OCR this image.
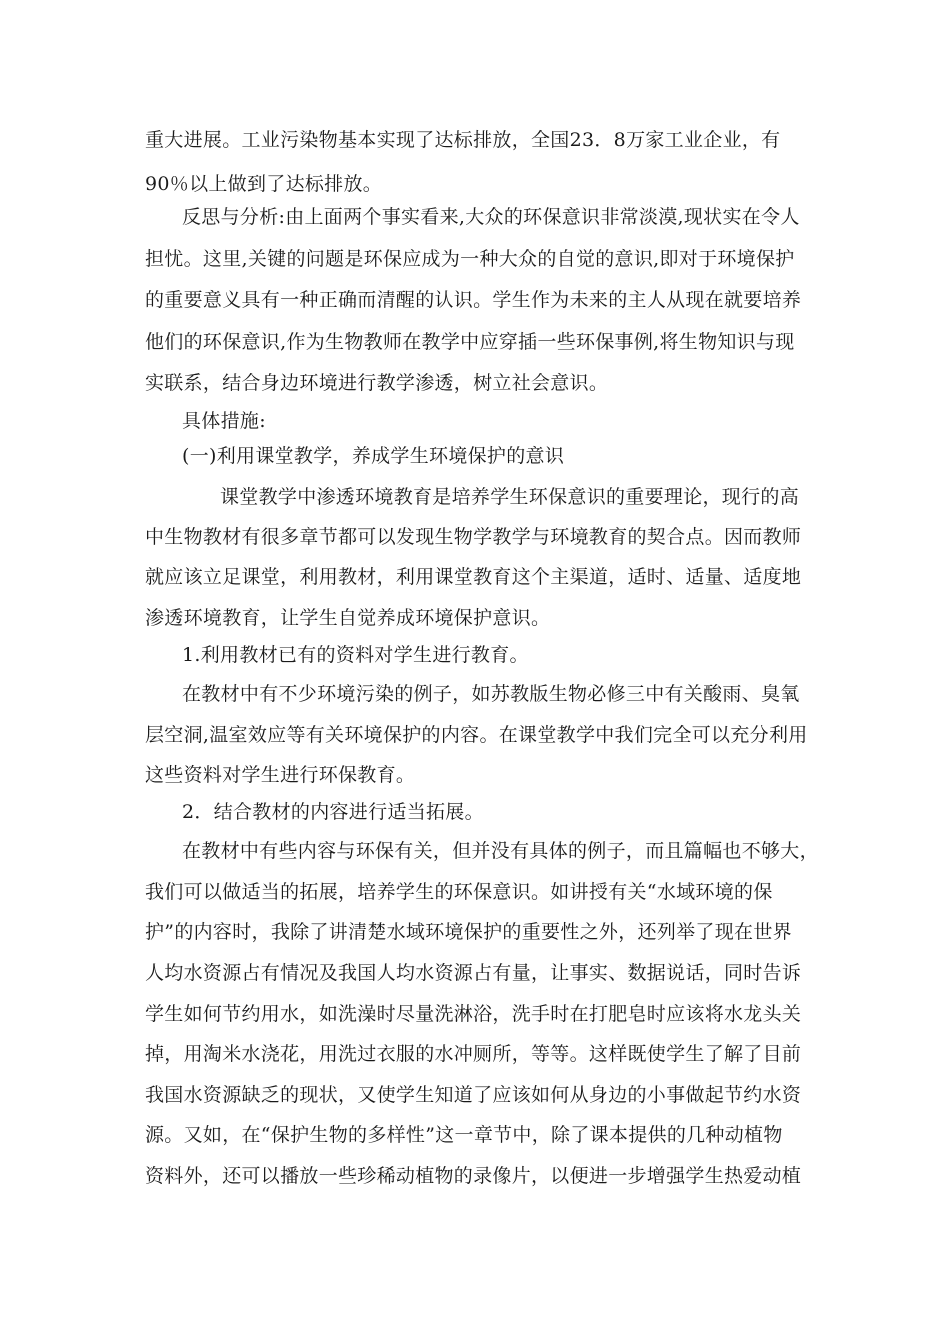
重大进展。工业污染物基本实现了达标排放，全国23．8万家工业企业，有
90％以上做到了达标排放。
反思与分析:由上面两个事实看来,大众的环保意识非常淡漠,现状实在令人
担忧。这里,关键的问题是环保应成为一种大众的自觉的意识,即对于环境保护
的重要意义具有一种正确而清醒的认识。学生作为未来的主人从现在就要培养
他们的环保意识,作为生物教师在教学中应穿插一些环保事例,将生物知识与现
实联系，结合身边环境进行教学渗透，树立社会意识。
具体措施:
(一)利用课堂教学，养成学生环境保护的意识
课堂教学中渗透环境教育是培养学生环保意识的重要理论，现行的高
中生物教材有很多章节都可以发现生物学教学与环境教育的契合点。因而教师
就应该立足课堂，利用教材，利用课堂教育这个主渠道，适时、适量、适度地
渗透环境教育，让学生自觉养成环境保护意识。
1.利用教材已有的资料对学生进行教育。
在教材中有不少环境污染的例子，如苏教版生物必修三中有关酸雨、臭氧
层空洞,温室效应等有关环境保护的内容。在课堂教学中我们完全可以充分利用
这些资料对学生进行环保教育。
2．结合教材的内容进行适当拓展。
在教材中有些内容与环保有关，但并没有具体的例子，而且篇幅也不够大，
我们可以做适当的拓展，培养学生的环保意识。如讲授有关“水域环境的保
护”的内容时，我除了讲清楚水域环境保护的重要性之外，还列举了现在世界
人均水资源占有情况及我国人均水资源占有量，让事实、数据说话，同时告诉
学生如何节约用水，如洗澡时尽量洗淋浴，洗手时在打肥皂时应该将水龙头关
掉，用淘米水浇花，用洗过衣服的水冲厕所，等等。这样既使学生了解了目前
我国水资源缺乏的现状，又使学生知道了应该如何从身边的小事做起节约水资
源。又如，在“保护生物的多样性”这一章节中，除了课本提供的几种动植物
资料外，还可以播放一些珍稀动植物的录像片，以便进一步增强学生热爱动植
